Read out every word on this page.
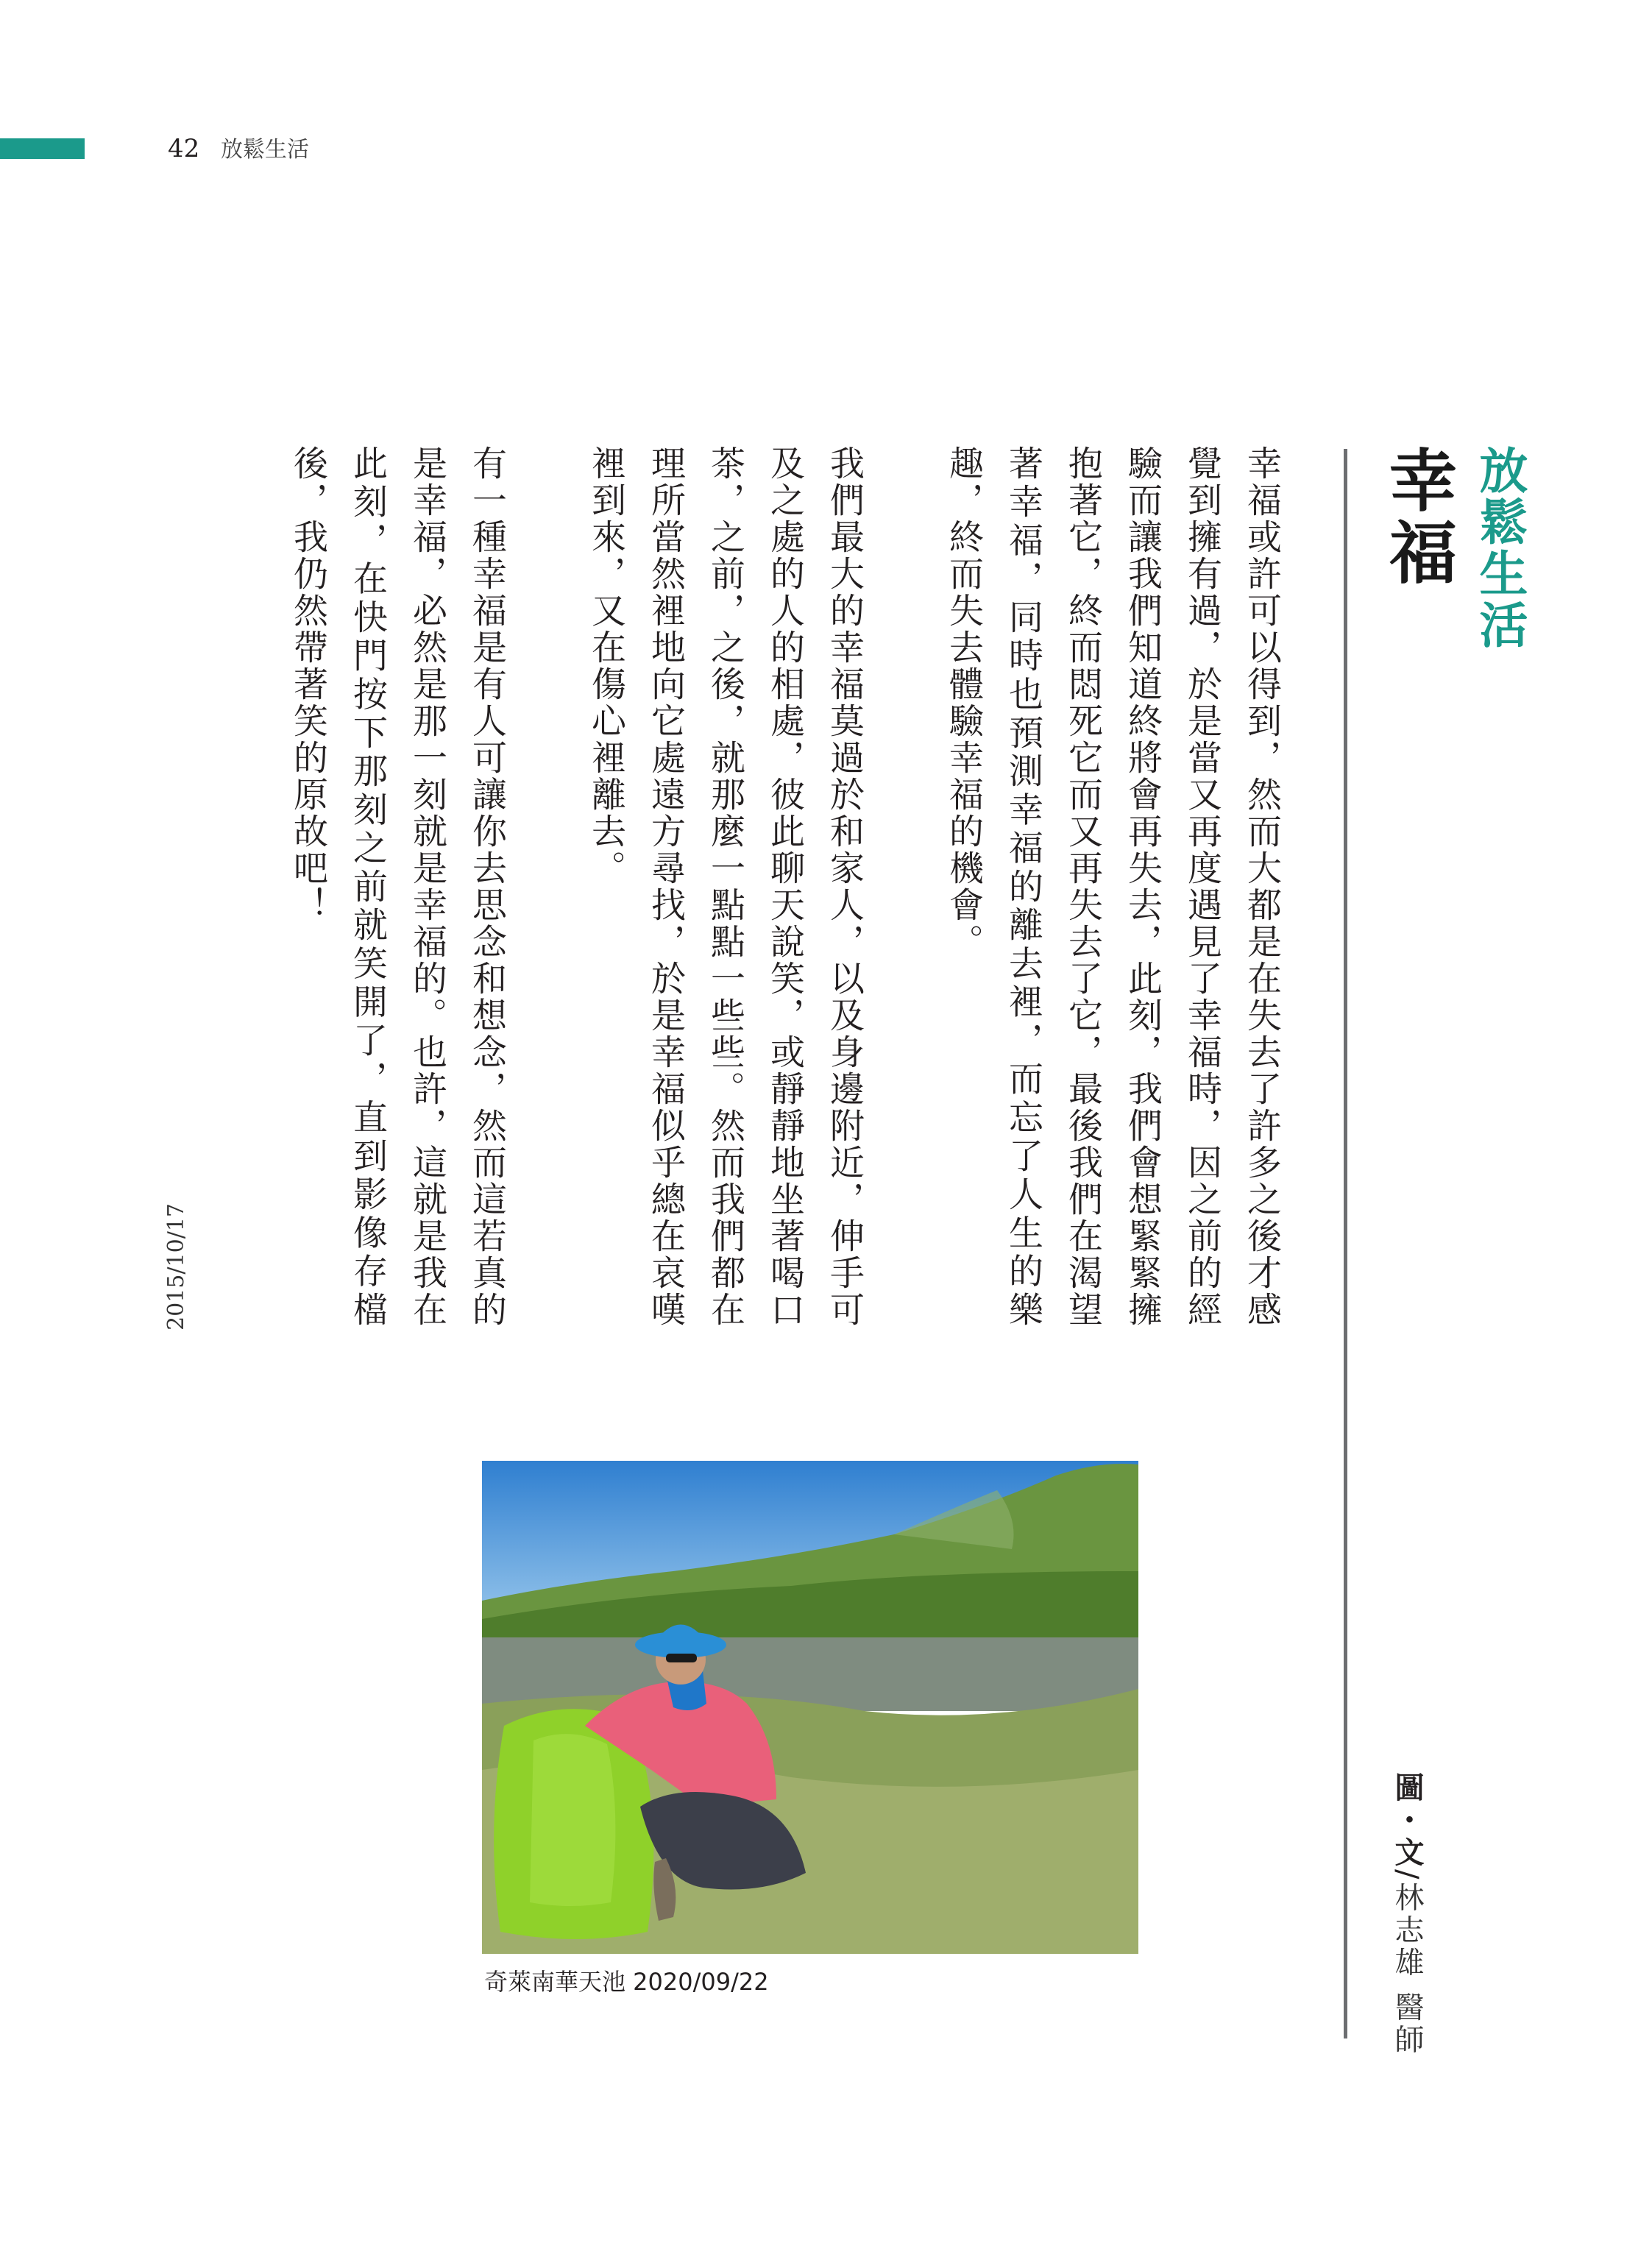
42 放鬆生活
放鬆生活
幸福

幸福或許可以得到，然而大都是在失去了許多之後才感覺到擁有過，於是當又再度遇見了幸福時，因之前的經驗而讓我們知道終將會再失去，此刻，我們會想緊緊擁抱著它，終而悶死它而又再失去了它，最後我們在渴望著幸福，同時也預測幸福的離去裡，而忘了人生的樂趣，終而失去體驗幸福的機會。

我們最大的幸福莫過於和家人，以及身邊附近，伸手可及之處的人的相處，彼此聊天說笑，或靜靜地坐著喝口茶，之前，之後，就那麼一點點一些些。然而我們都在理所當然裡地向它處遠方尋找，於是幸福似乎總在哀嘆裡到來，又在傷心裡離去。

有一種幸福是有人可讓你去思念和想念，然而這若真的是幸福，必然是那一刻就是幸福的。也許，這就是我在此刻，在快門按下那刻之前就笑開了，直到影像存檔後，我仍然帶著笑的原故吧！

2015/10/17
奇萊南華天池 2020/09/22
圖・文/林志雄 醫師
